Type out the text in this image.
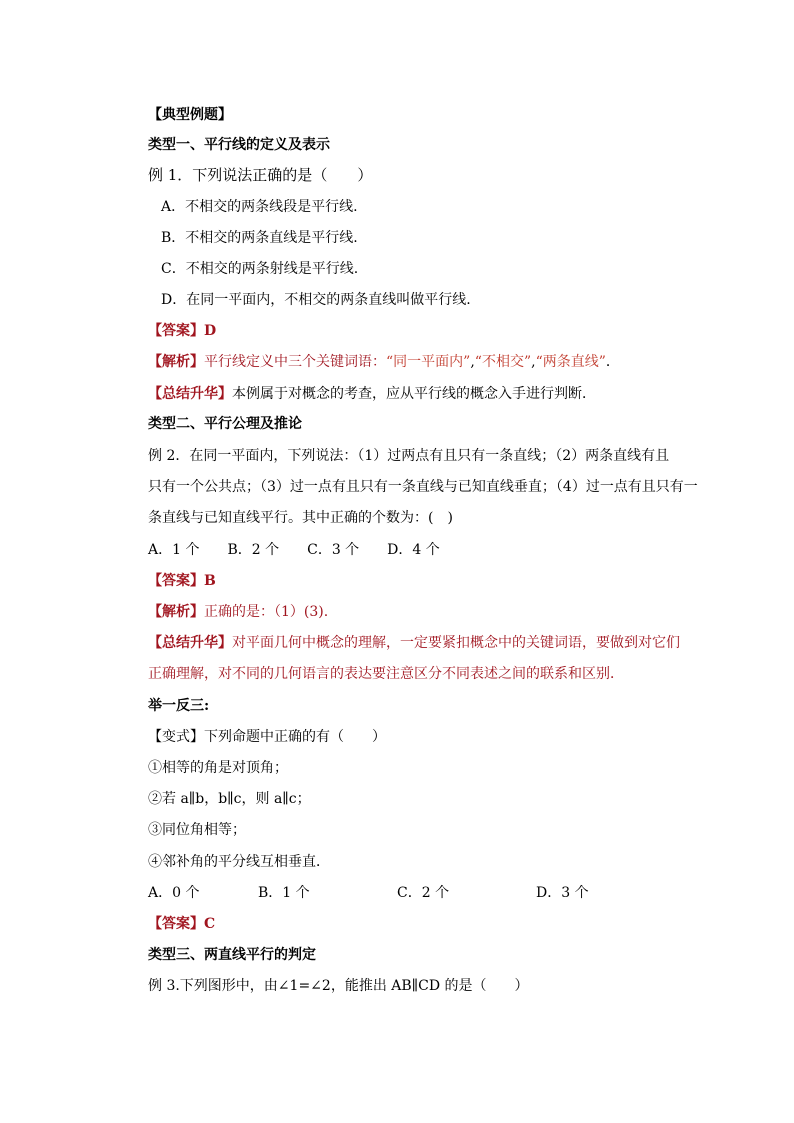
【典型例题】
类型一、平行线的定义及表示
例 1．下列说法正确的是（　　）
A．不相交的两条线段是平行线.
B．不相交的两条直线是平行线.
C．不相交的两条射线是平行线.
D．在同一平面内，不相交的两条直线叫做平行线.
【答案】D
【解析】平行线定义中三个关键词语：“同一平面内”,“不相交”,“两条直线”．
【总结升华】本例属于对概念的考查，应从平行线的概念入手进行判断．
类型二、平行公理及推论
例 2．在同一平面内，下列说法：（1）过两点有且只有一条直线；（2）两条直线有且
只有一个公共点；（3）过一点有且只有一条直线与已知直线垂直；（4）过一点有且只有一
条直线与已知直线平行。其中正确的个数为：(　)
A．1 个　　B．2 个　　C．3 个　　D．4 个
【答案】B
【解析】正确的是：（1）(3).
【总结升华】对平面几何中概念的理解，一定要紧扣概念中的关键词语，要做到对它们
正确理解，对不同的几何语言的表达要注意区分不同表述之间的联系和区别．
举一反三:
【变式】下列命题中正确的有（　　）
①相等的角是对顶角；
②若 a∥b，b∥c，则 a∥c；
③同位角相等；
④邻补角的平分线互相垂直．
A．0 个	B．1 个	C．2 个	D．3 个
【答案】C
类型三、两直线平行的判定
例 3.下列图形中，由∠1=∠2，能推出 AB∥CD 的是（　　）
